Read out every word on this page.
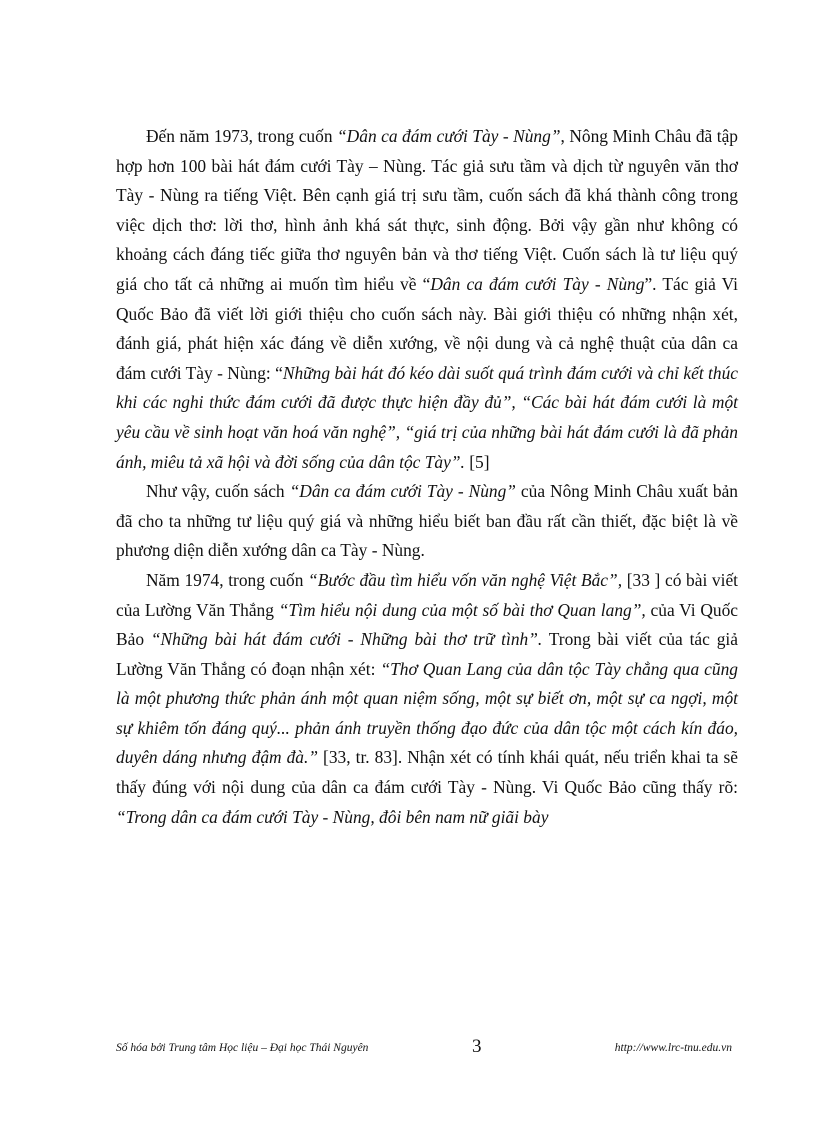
Đến năm 1973, trong cuốn “Dân ca đám cưới Tày - Nùng”, Nông Minh Châu đã tập hợp hơn 100 bài hát đám cưới Tày – Nùng. Tác giả sưu tầm và dịch từ nguyên văn thơ Tày - Nùng ra tiếng Việt. Bên cạnh giá trị sưu tầm, cuốn sách đã khá thành công trong việc dịch thơ: lời thơ, hình ảnh khá sát thực, sinh động. Bởi vậy gần như không có khoảng cách đáng tiếc giữa thơ nguyên bản và thơ tiếng Việt. Cuốn sách là tư liệu quý giá cho tất cả những ai muốn tìm hiểu về “Dân ca đám cưới Tày - Nùng”. Tác giả Vi Quốc Bảo đã viết lời giới thiệu cho cuốn sách này. Bài giới thiệu có những nhận xét, đánh giá, phát hiện xác đáng về diễn xướng, về nội dung và cả nghệ thuật của dân ca đám cưới Tày - Nùng: “Những bài hát đó kéo dài suốt quá trình đám cưới và chỉ kết thúc khi các nghi thức đám cưới đã được thực hiện đầy đủ”, “Các bài hát đám cưới là một yêu cầu về sinh hoạt văn hoá văn nghệ”, “giá trị của những bài hát đám cưới là đã phản ánh, miêu tả xã hội và đời sống của dân tộc Tày”. [5]

Như vậy, cuốn sách “Dân ca đám cưới Tày - Nùng” của Nông Minh Châu xuất bản đã cho ta những tư liệu quý giá và những hiểu biết ban đầu rất cần thiết, đặc biệt là về phương diện diễn xướng dân ca Tày - Nùng.

Năm 1974, trong cuốn “Bước đầu tìm hiểu vốn văn nghệ Việt Bắc”, [33 ] có bài viết của Lường Văn Thắng “Tìm hiểu nội dung của một số bài thơ Quan lang”, của Vi Quốc Bảo “Những bài hát đám cưới - Những bài thơ trữ tình”. Trong bài viết của tác giả Lường Văn Thắng có đoạn nhận xét: “Thơ Quan Lang của dân tộc Tày chẳng qua cũng là một phương thức phản ánh một quan niệm sống, một sự biết ơn, một sự ca ngợi, một sự khiêm tốn đáng quý... phản ánh truyền thống đạo đức của dân tộc một cách kín đáo, duyên dáng nhưng đậm đà.” [33, tr. 83]. Nhận xét có tính khái quát, nếu triển khai ta sẽ thấy đúng với nội dung của dân ca đám cưới Tày - Nùng. Vi Quốc Bảo cũng thấy rõ: “Trong dân ca đám cưới Tày - Nùng, đôi bên nam nữ giãi bày

Số hóa bởi Trung tâm Học liệu – Đại học Thái Nguyên	3	http://www.lrc-tnu.edu.vn
